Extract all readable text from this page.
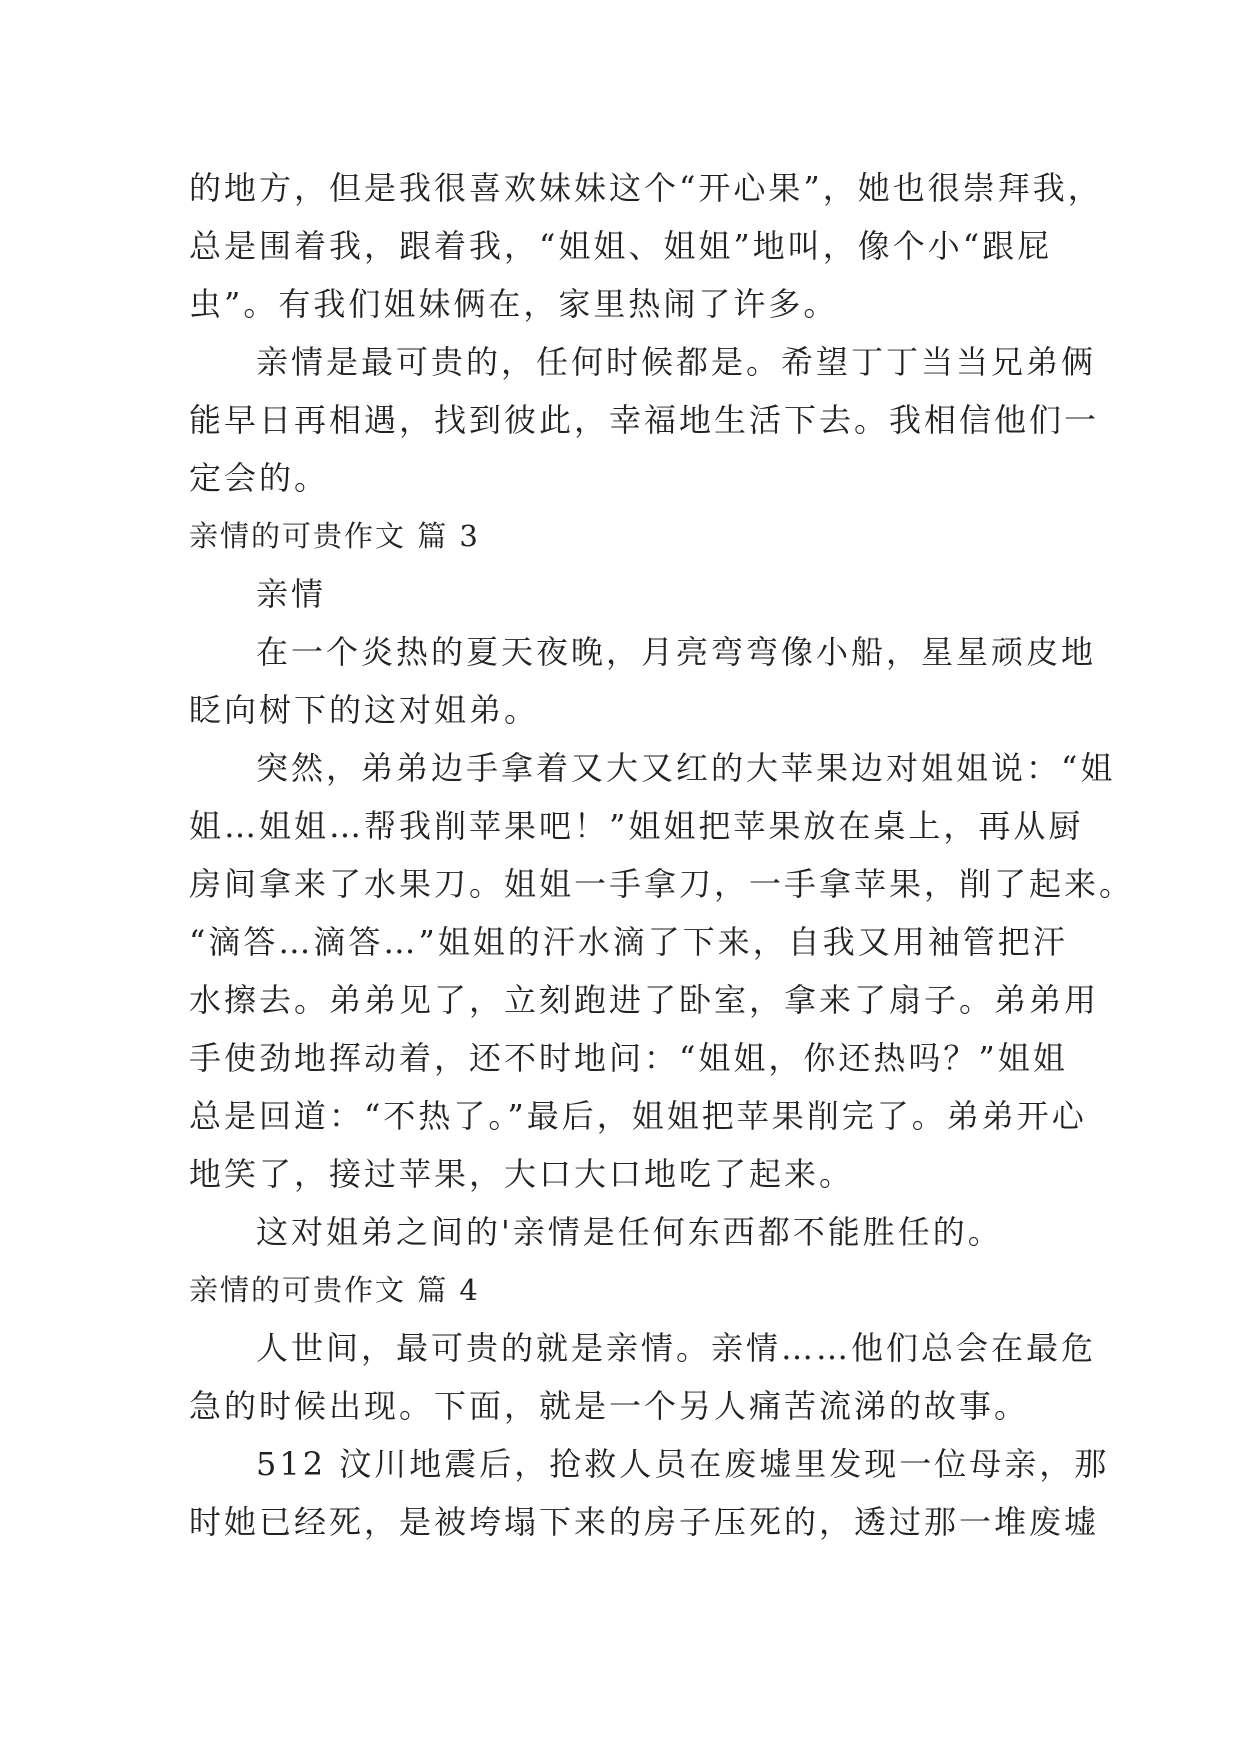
的地方，但是我很喜欢妹妹这个“开心果”，她也很崇拜我，
总是围着我，跟着我，“姐姐、姐姐”地叫，像个小“跟屁
虫”。有我们姐妹俩在，家里热闹了许多。
亲情是最可贵的，任何时候都是。希望丁丁当当兄弟俩
能早日再相遇，找到彼此，幸福地生活下去。我相信他们一
定会的。
亲情的可贵作文 篇 3
亲情
在一个炎热的夏天夜晚，月亮弯弯像小船，星星顽皮地
眨向树下的这对姐弟。
突然，弟弟边手拿着又大又红的大苹果边对姐姐说：“姐
姐…姐姐…帮我削苹果吧！”姐姐把苹果放在桌上，再从厨
房间拿来了水果刀。姐姐一手拿刀，一手拿苹果，削了起来。
“滴答…滴答…”姐姐的汗水滴了下来，自我又用袖管把汗
水擦去。弟弟见了，立刻跑进了卧室，拿来了扇子。弟弟用
手使劲地挥动着，还不时地问：“姐姐，你还热吗？”姐姐
总是回道：“不热了。”最后，姐姐把苹果削完了。弟弟开心
地笑了，接过苹果，大口大口地吃了起来。
这对姐弟之间的'亲情是任何东西都不能胜任的。
亲情的可贵作文 篇 4
人世间，最可贵的就是亲情。亲情……他们总会在最危
急的时候出现。下面，就是一个另人痛苦流涕的故事。
512 汶川地震后，抢救人员在废墟里发现一位母亲，那
时她已经死，是被垮塌下来的房子压死的，透过那一堆废墟
